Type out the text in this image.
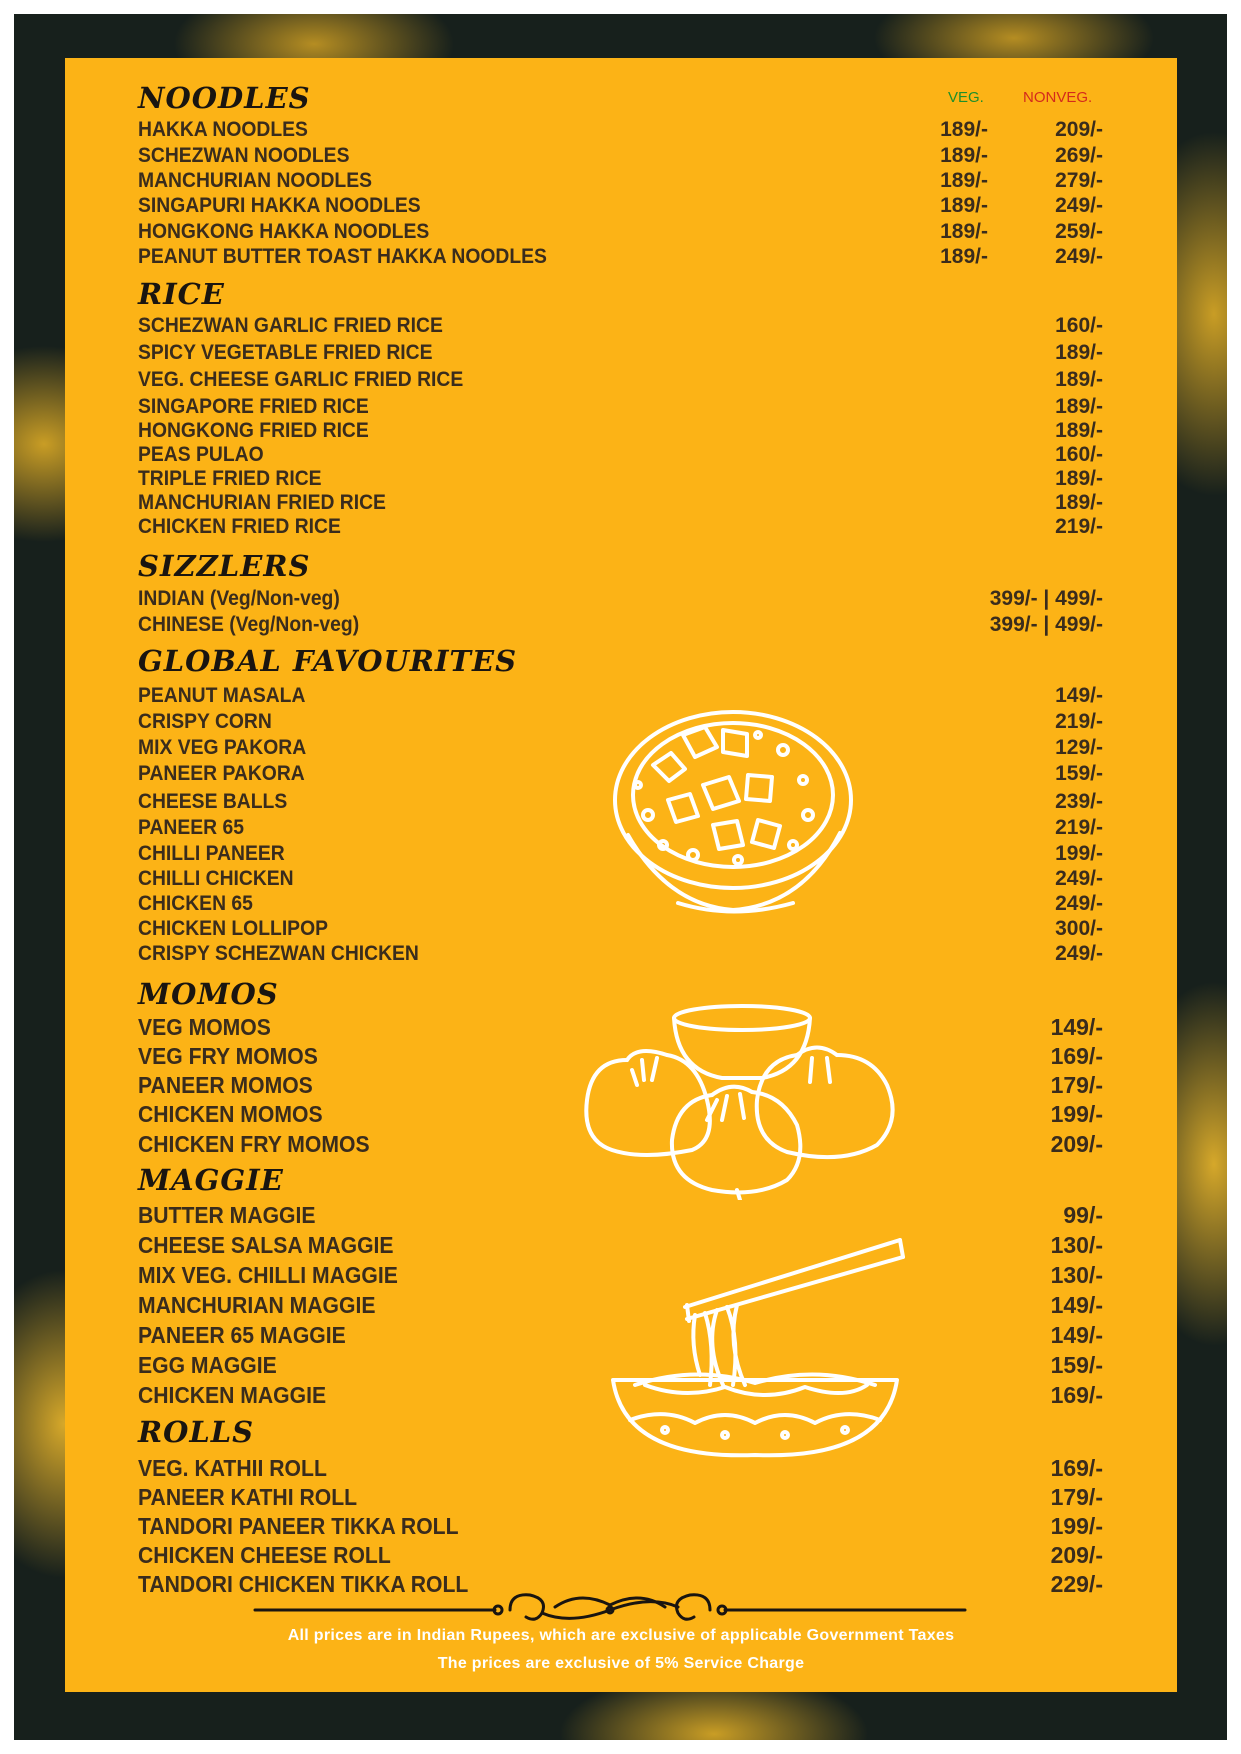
VEG.	NONVEG.
NOODLES
HAKKA NOODLES	189/-	209/-
SCHEZWAN NOODLES	189/-	269/-
MANCHURIAN NOODLES	189/-	279/-
SINGAPURI HAKKA NOODLES	189/-	249/-
HONGKONG HAKKA NOODLES	189/-	259/-
PEANUT BUTTER TOAST HAKKA NOODLES	189/-	249/-
RICE
SCHEZWAN GARLIC FRIED RICE	160/-
SPICY VEGETABLE FRIED RICE	189/-
VEG. CHEESE GARLIC FRIED RICE	189/-
SINGAPORE FRIED RICE	189/-
HONGKONG FRIED RICE	189/-
PEAS PULAO	160/-
TRIPLE FRIED RICE	189/-
MANCHURIAN FRIED RICE	189/-
CHICKEN FRIED RICE	219/-
SIZZLERS
INDIAN (Veg/Non-veg)	399/- | 499/-
CHINESE (Veg/Non-veg)	399/- | 499/-
GLOBAL FAVOURITES
PEANUT MASALA	149/-
CRISPY CORN	219/-
MIX VEG PAKORA	129/-
PANEER PAKORA	159/-
CHEESE BALLS	239/-
PANEER 65	219/-
CHILLI PANEER	199/-
CHILLI CHICKEN	249/-
CHICKEN 65	249/-
CHICKEN LOLLIPOP	300/-
CRISPY SCHEZWAN CHICKEN	249/-
MOMOS
VEG MOMOS	149/-
VEG FRY MOMOS	169/-
PANEER MOMOS	179/-
CHICKEN MOMOS	199/-
CHICKEN FRY MOMOS	209/-
MAGGIE
BUTTER MAGGIE	99/-
CHEESE SALSA MAGGIE	130/-
MIX VEG. CHILLI MAGGIE	130/-
MANCHURIAN MAGGIE	149/-
PANEER 65 MAGGIE	149/-
EGG MAGGIE	159/-
CHICKEN MAGGIE	169/-
ROLLS
VEG. KATHII ROLL	169/-
PANEER KATHI ROLL	179/-
TANDORI PANEER TIKKA ROLL	199/-
CHICKEN CHEESE ROLL	209/-
TANDORI CHICKEN TIKKA ROLL	229/-
All prices are in Indian Rupees, which are exclusive of applicable Government Taxes
The prices are exclusive of 5% Service Charge
